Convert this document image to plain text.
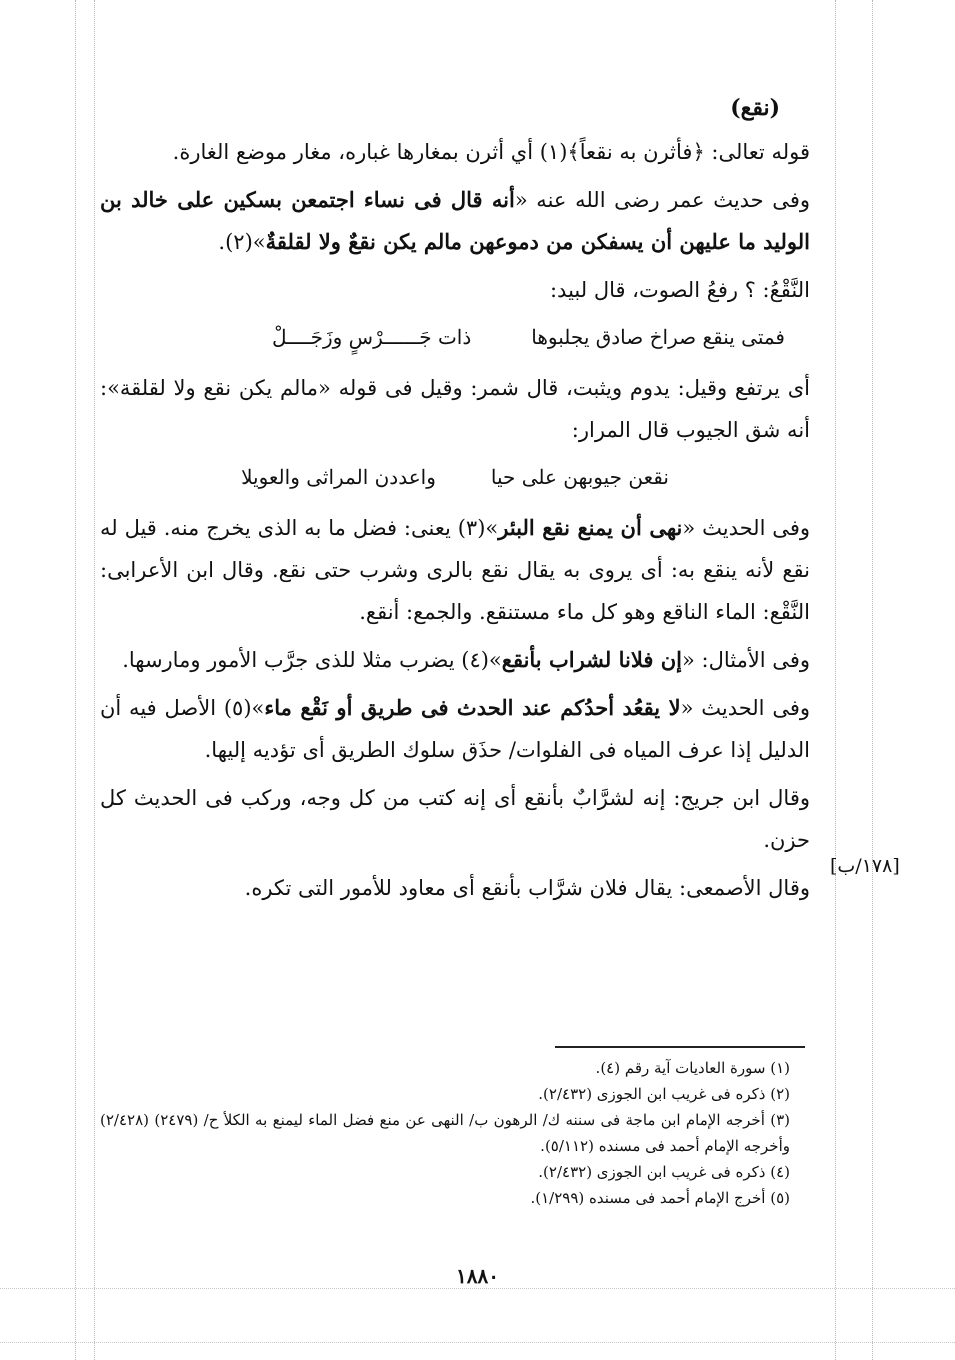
(نقع)

قوله تعالى: ﴿فأثرن به نقعاً﴾(١) أي أثرن بمغارها غباره، مغار موضع الغارة.

وفى حديث عمر رضى الله عنه «أنه قال فى نساء اجتمعن بسكين على خالد بن الوليد ما عليهن أن يسفكن من دموعهن مالم يكن نقعٌ ولا لقلقةٌ»(٢).

النَّقْعُ: ؟ رفعُ الصوت، قال لبيد:

فمتى ينقع صراخ صادق يجلبوها
ذات جَــــــرْسٍ وزَجَــــلْ

أى يرتفع وقيل: يدوم ويثبت، قال شمر: وقيل فى قوله «مالم يكن نقع ولا لقلقة»: أنه شق الجيوب قال المرار:

نقعن جيوبهن على حيا
واعددن المراثى والعويلا

وفى الحديث «نهى أن يمنع نقع البئر»(٣) يعنى: فضل ما به الذى يخرج منه. قيل له نقع لأنه ينقع به: أى يروى به يقال نقع بالرى وشرب حتى نقع. وقال ابن الأعرابى: النَّقْع: الماء الناقع وهو كل ماء مستنقع. والجمع: أنقع.

وفى الأمثال: «إن فلانا لشراب بأنقع»(٤) يضرب مثلا للذى جرَّب الأمور ومارسها.

وفى الحديث «لا يقعُد أحدُكم عند الحدث فى طريق أو نَقْع ماء»(٥) الأصل فيه أن الدليل إذا عرف المياه فى الفلوات/ حذَق سلوك الطريق أى تؤديه إليها.

وقال ابن جريج: إنه لشرَّابٌ بأنقع أى إنه كتب من كل وجه، وركب فى الحديث كل حزن.

وقال الأصمعى: يقال فلان شرَّاب بأنقع أى معاود للأمور التى تكره.

[١٧٨/ب]

(١) سورة العاديات آية رقم (٤).

(٢) ذكره فى غريب ابن الجوزى (٢/٤٣٢).

(٣) أخرجه الإمام ابن ماجة فى سننه ك/ الرهون ب/ النهى عن منع فضل الماء ليمنع به الكلأ ح/ (٢٤٧٩) (٢/٤٢٨) وأخرجه الإمام أحمد فى مسنده (٥/١١٢).

(٤) ذكره فى غريب ابن الجوزى (٢/٤٣٢).

(٥) أخرج الإمام أحمد فى مسنده (١/٢٩٩).

١٨٨٠
